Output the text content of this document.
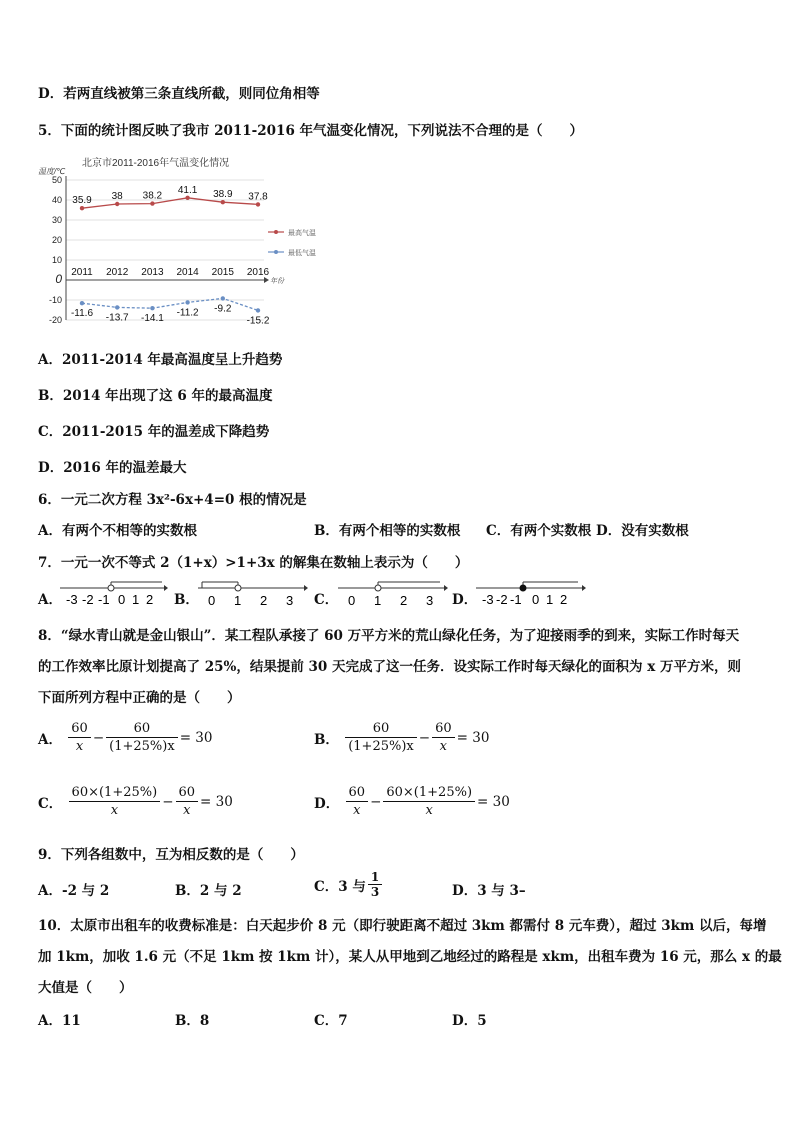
D．若两直线被第三条直线所截，则同位角相等
5．下面的统计图反映了我市 2011-2016 年气温变化情况，下列说法不合理的是（　　）
北京市2011-2016年气温变化情况
温度/℃
50
40
30
20
10
0
-10
-20
2011 2012 2013 2014 2015 2016
年份
35.9 38 38.2
41.1 38.9 37.8
最高气温
-11.6 -13.7 -14.1
-11.2 -9.2
-15.2
最低气温
A．2011-2014 年最高温度呈上升趋势
B．2014 年出现了这 6 年的最高温度
C．2011-2015 年的温差成下降趋势
D．2016 年的温差最大
6．一元二次方程 3x²-6x+4=0 根的情况是
A．有两个不相等的实数根	B．有两个相等的实数根 C．有两个实数根 D．没有实数根
7．一元一次不等式 2（1+x）>1+3x 的解集在数轴上表示为（　　）
A． -3 -2 -1 0 1 2 B． 0 1 2 3 C． 0 1 2 3 D． -3 -2 -1 0 1 2
8．“绿水青山就是金山银山”．某工程队承接了 60 万平方米的荒山绿化任务，为了迎接雨季的到来，实际工作时每天
的工作效率比原计划提高了 25%，结果提前 30 天完成了这一任务．设实际工作时每天绿化的面积为 x 万平方米，则
下面所列方程中正确的是（　　）
A． $\frac{60}{x} - \frac{60}{(1+25\%)x} = 30$	B． $\frac{60}{(1+25\%)x} - \frac{60}{x} = 30$
C． $\frac{60\times(1+25\%)}{x} - \frac{60}{x} = 30$	D． $\frac{60}{x} - \frac{60\times(1+25\%)}{x} = 30$
9．下列各组数中，互为相反数的是（　　）
A．-2 与 2	B．2 与 2	C．3 与 $\frac{1}{3}$	D．3 与 3–
10．太原市出租车的收费标准是：白天起步价 8 元（即行驶距离不超过 3km 都需付 8 元车费），超过 3km 以后，每增
加 1km，加收 1.6 元（不足 1km 按 1km 计），某人从甲地到乙地经过的路程是 xkm，出租车费为 16 元，那么 x 的最
大值是（　　）
A．11	B．8	C．7	D．5
